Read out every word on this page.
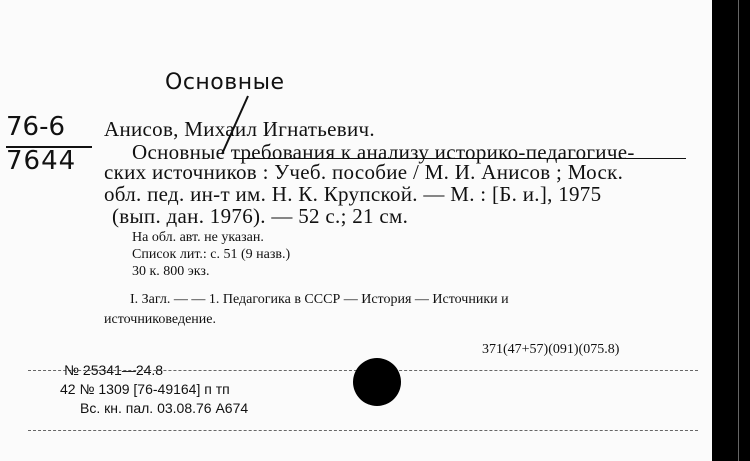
Основные
76-6
7644
Анисов, Михаил Игнатьевич.
Основные требования к анализу историко-педагогиче-
ских источников : Учеб. пособие / М. И. Анисов ; Моск.
обл. пед. ин-т им. Н. К. Крупской. — М. : [Б. и.], 1975
(вып. дан. 1976). — 52 с.; 21 см.
На обл. авт. не указан.
Список лит.: с. 51 (9 назв.)
30 к. 800 экз.
I. Загл. — — 1. Педагогика в СССР — История — Источники и
источниковедение.
371(47+57)(091)(075.8)
№ 25341—24.8
42 № 1309 [76-49164] п тп
Вс. кн. пал. 03.08.76 А674
